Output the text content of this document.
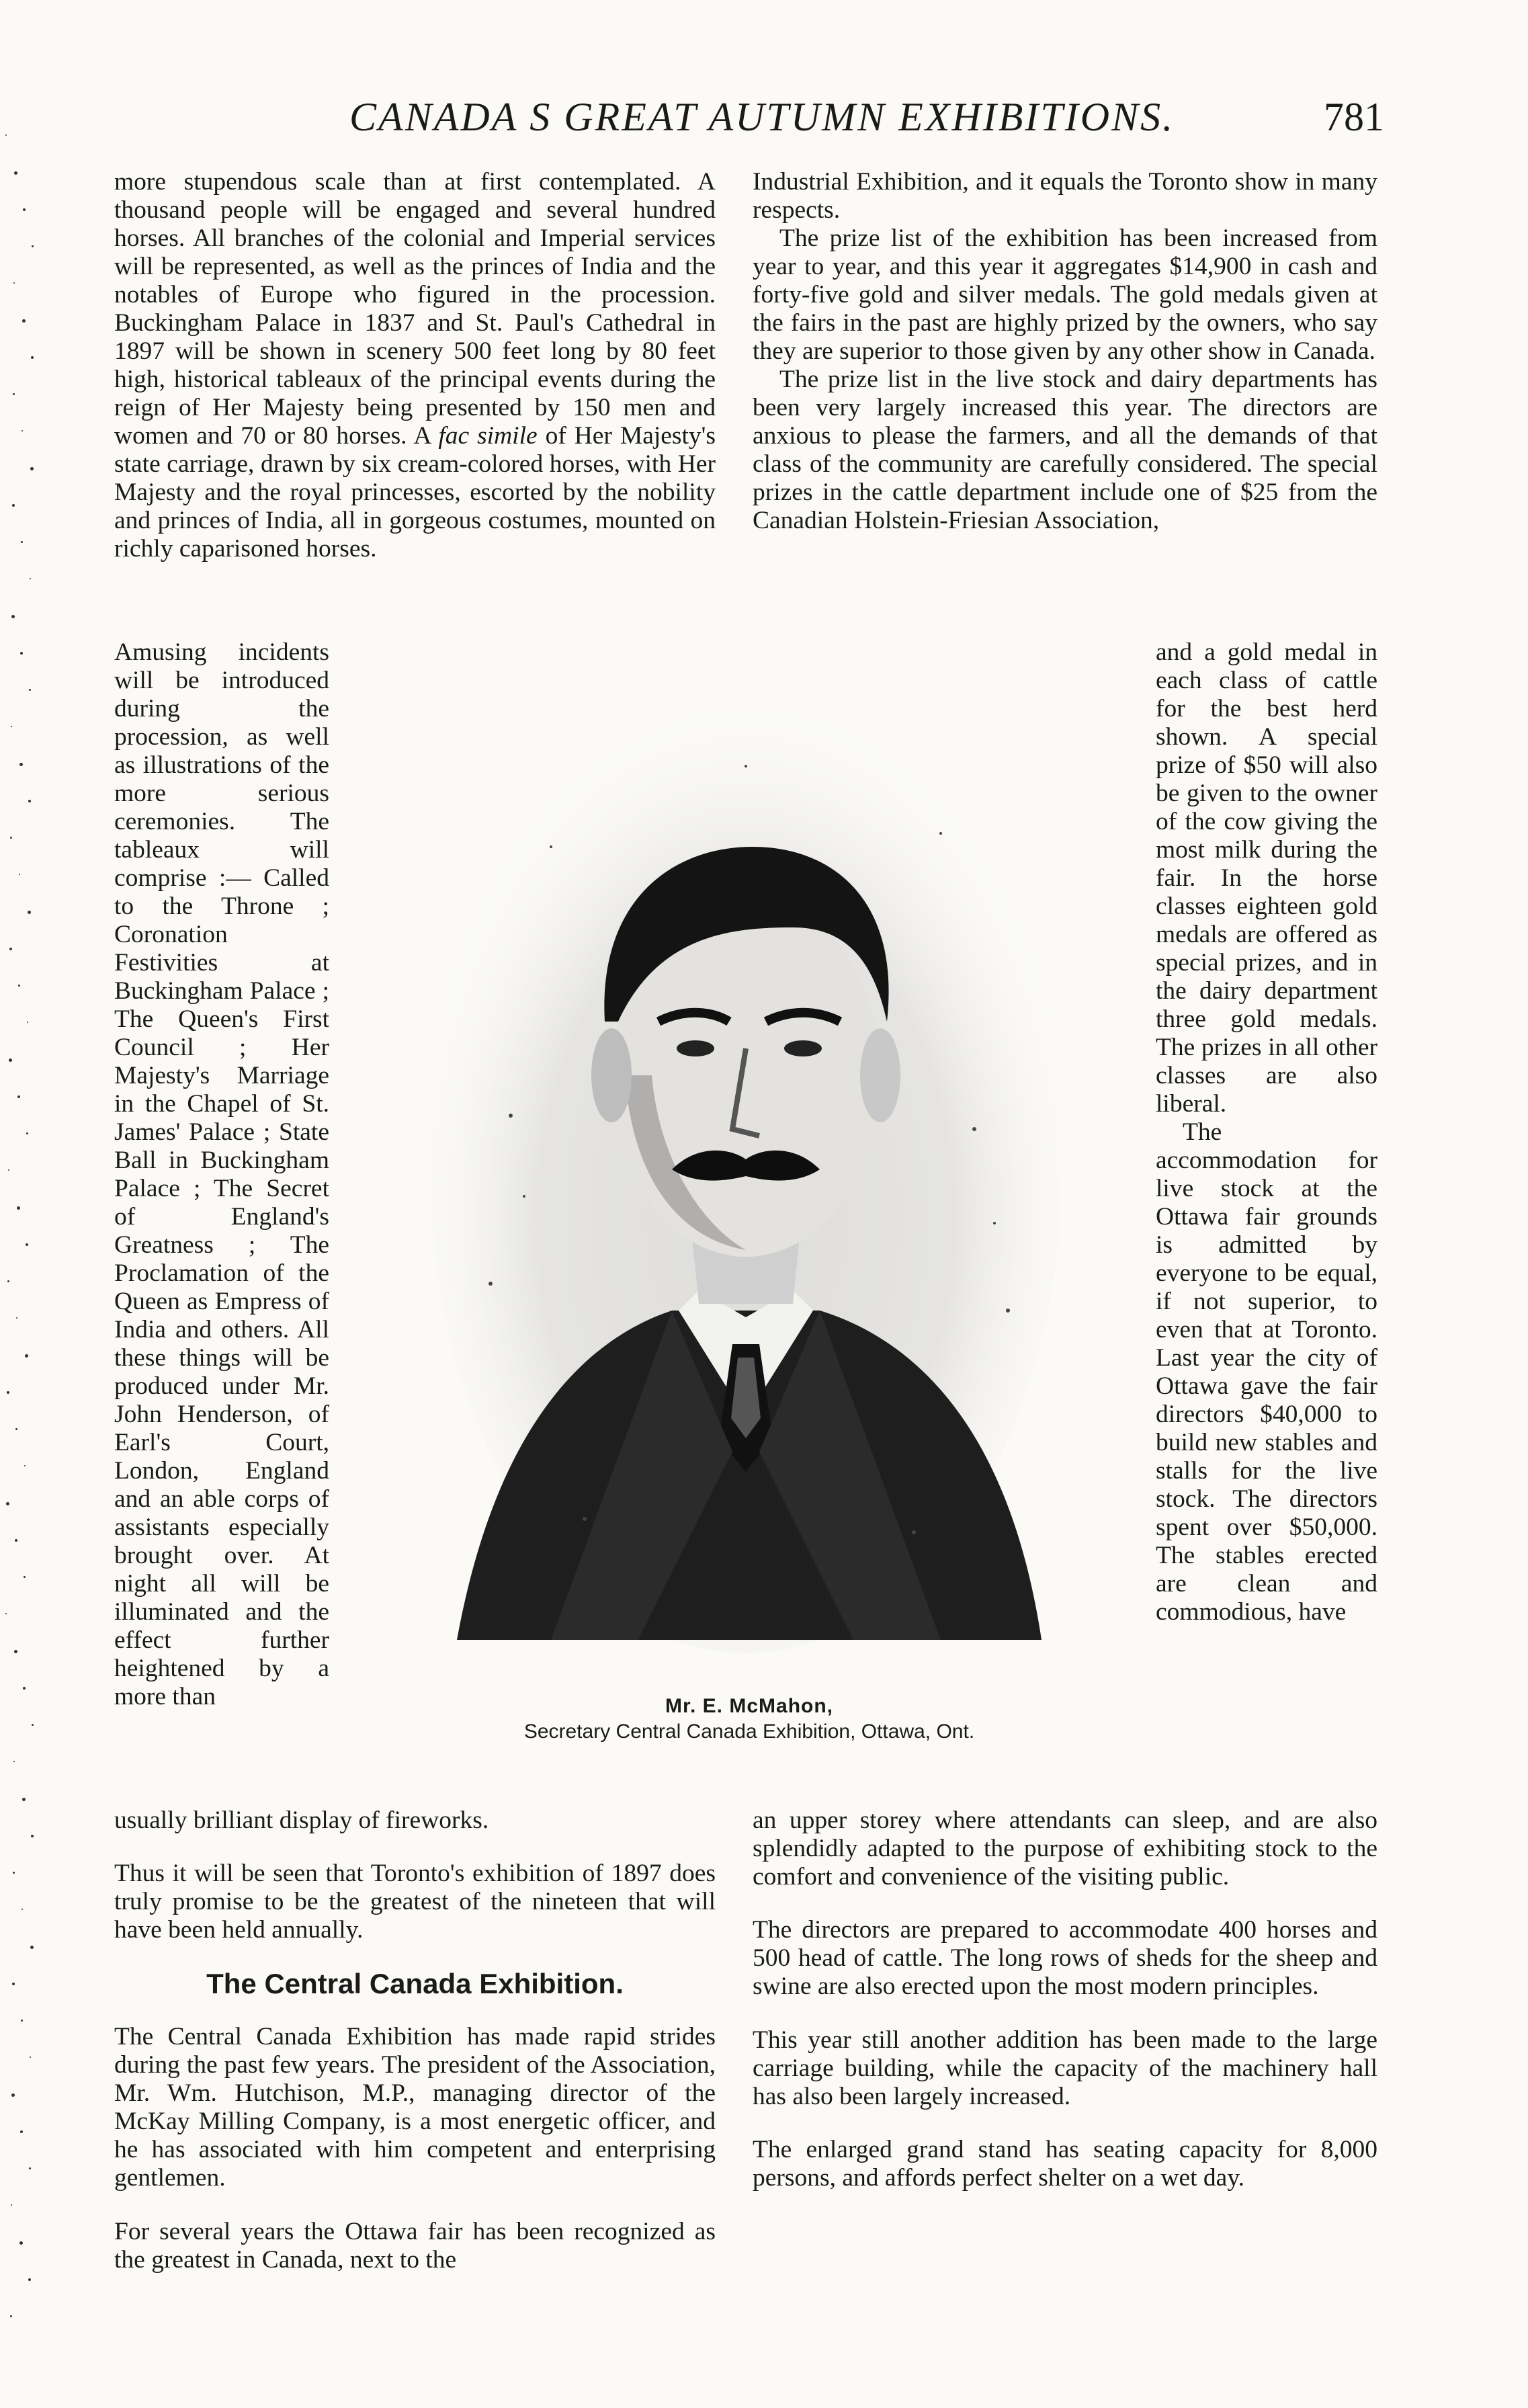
CANADA S GREAT AUTUMN EXHIBITIONS.	781

more stupendous scale than at first contemplated. A thousand people will be engaged and several hundred horses. All branches of the colonial and Imperial services will be represented, as well as the princes of India and the notables of Europe who figured in the procession. Buckingham Palace in 1837 and St. Paul's Cathedral in 1897 will be shown in scenery 500 feet long by 80 feet high, historical tableaux of the principal events during the reign of Her Majesty being presented by 150 men and women and 70 or 80 horses. A fac simile of Her Majesty's state carriage, drawn by six cream-colored horses, with Her Majesty and the royal princesses, escorted by the nobility and princes of India, all in gorgeous costumes, mounted on richly caparisoned horses.

Industrial Exhibition, and it equals the Toronto show in many respects.

The prize list of the exhibition has been increased from year to year, and this year it aggregates $14,900 in cash and forty-five gold and silver medals. The gold medals given at the fairs in the past are highly prized by the owners, who say they are superior to those given by any other show in Canada.

The prize list in the live stock and dairy departments has been very largely increased this year. The directors are anxious to please the farmers, and all the demands of that class of the community are carefully considered. The special prizes in the cattle department include one of $25 from the Canadian Holstein-Friesian Association,

Amusing incidents will be introduced during the procession, as well as illustrations of the more serious ceremonies. The tableaux will comprise :— Called to the Throne ; Coronation Festivities at Buckingham Palace ; The Queen's First Council ; Her Majesty's Marriage in the Chapel of St. James' Palace ; State Ball in Buckingham Palace ; The Secret of England's Greatness ; The Proclamation of the Queen as Empress of India and others. All these things will be produced under Mr. John Henderson, of Earl's Court, London, England and an able corps of assistants especially brought over. At night all will be illuminated and the effect further heightened by a more than
and a gold medal in each class of cattle for the best herd shown. A special prize of $50 will also be given to the owner of the cow giving the most milk during the fair. In the horse classes eighteen gold medals are offered as special prizes, and in the dairy department three gold medals. The prizes in all other classes are also liberal.
The accommodation for live stock at the Ottawa fair grounds is admitted by everyone to be equal, if not superior, to even that at Toronto. Last year the city of Ottawa gave the fair directors $40,000 to build new stables and stalls for the live stock. The directors spent over $50,000. The stables erected are clean and commodious, have
Mr. E. McMahon,
Secretary Central Canada Exhibition, Ottawa, Ont.

usually brilliant display of fireworks.

Thus it will be seen that Toronto's exhibition of 1897 does truly promise to be the greatest of the nineteen that will have been held annually.

The Central Canada Exhibition.

The Central Canada Exhibition has made rapid strides during the past few years. The president of the Association, Mr. Wm. Hutchison, M.P., managing director of the McKay Milling Company, is a most energetic officer, and he has associated with him competent and enterprising gentlemen.

For several years the Ottawa fair has been recognized as the greatest in Canada, next to the

an upper storey where attendants can sleep, and are also splendidly adapted to the purpose of exhibiting stock to the comfort and convenience of the visiting public.

The directors are prepared to accommodate 400 horses and 500 head of cattle. The long rows of sheds for the sheep and swine are also erected upon the most modern principles.

This year still another addition has been made to the large carriage building, while the capacity of the machinery hall has also been largely increased.

The enlarged grand stand has seating capacity for 8,000 persons, and affords perfect shelter on a wet day.
